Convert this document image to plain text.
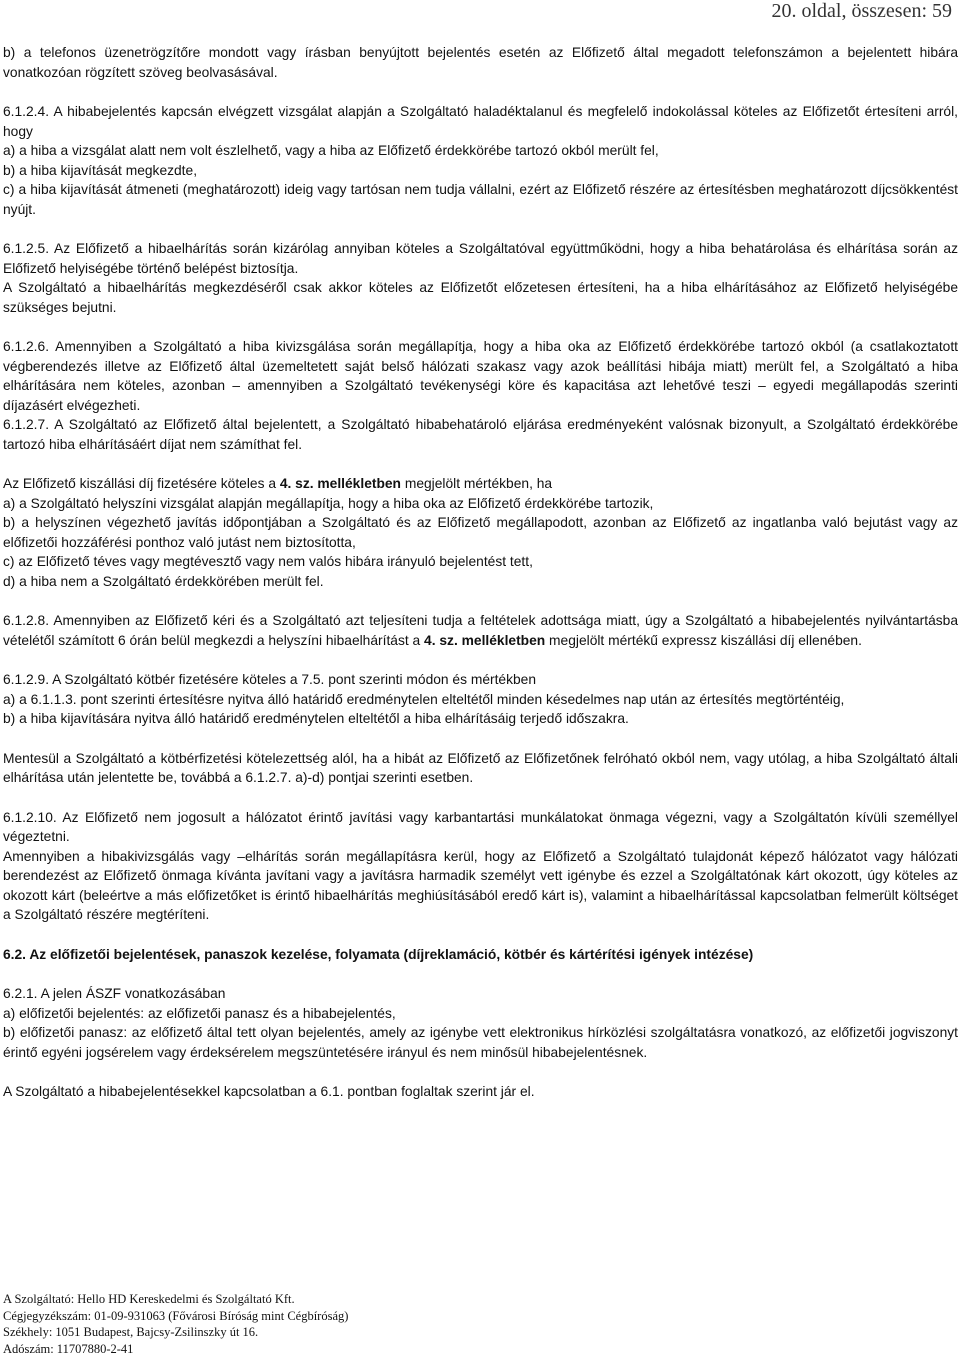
20. oldal, összesen: 59
b) a telefonos üzenetrögzítőre mondott vagy írásban benyújtott bejelentés esetén az Előfizető által megadott telefonszámon a bejelentett hibára vonatkozóan rögzített szöveg beolvasásával.
6.1.2.4. A hibabejelentés kapcsán elvégzett vizsgálat alapján a Szolgáltató haladéktalanul és megfelelő indokolással köteles az Előfizetőt értesíteni arról, hogy
a) a hiba a vizsgálat alatt nem volt észlelhető, vagy a hiba az Előfizető érdekkörébe tartozó okból merült fel,
b) a hiba kijavítását megkezdte,
c) a hiba kijavítását átmeneti (meghatározott) ideig vagy tartósan nem tudja vállalni, ezért az Előfizető részére az értesítésben meghatározott díjcsökkentést nyújt.
6.1.2.5. Az Előfizető a hibaelhárítás során kizárólag annyiban köteles a Szolgáltatóval együttműködni, hogy a hiba behatárolása és elhárítása során az Előfizető helyiségébe történő belépést biztosítja.
A Szolgáltató a hibaelhárítás megkezdéséről csak akkor köteles az Előfizetőt előzetesen értesíteni, ha a hiba elhárításához az Előfizető helyiségébe szükséges bejutni.
6.1.2.6. Amennyiben a Szolgáltató a hiba kivizsgálása során megállapítja, hogy a hiba oka az Előfizető érdekkörébe tartozó okból (a csatlakoztatott végberendezés illetve az Előfizető által üzemeltetett saját belső hálózati szakasz vagy azok beállítási hibája miatt) merült fel, a Szolgáltató a hiba elhárítására nem köteles, azonban – amennyiben a Szolgáltató tevékenységi köre és kapacitása azt lehetővé teszi – egyedi megállapodás szerinti díjazásért elvégezheti.
6.1.2.7. A Szolgáltató az Előfizető által bejelentett, a Szolgáltató hibabehatároló eljárása eredményeként valósnak bizonyult, a Szolgáltató érdekkörébe tartozó hiba elhárításáért díjat nem számíthat fel.
Az Előfizető kiszállási díj fizetésére köteles a 4. sz. mellékletben megjelölt mértékben, ha
a) a Szolgáltató helyszíni vizsgálat alapján megállapítja, hogy a hiba oka az Előfizető érdekkörébe tartozik,
b) a helyszínen végezhető javítás időpontjában a Szolgáltató és az Előfizető megállapodott, azonban az Előfizető az ingatlanba való bejutást vagy az előfizetői hozzáférési ponthoz való jutást nem biztosította,
c) az Előfizető téves vagy megtévesztő vagy nem valós hibára irányuló bejelentést tett,
d) a hiba nem a Szolgáltató érdekkörében merült fel.
6.1.2.8. Amennyiben az Előfizető kéri és a Szolgáltató azt teljesíteni tudja a feltételek adottsága miatt, úgy a Szolgáltató a hibabejelentés nyilvántartásba vételétől számított 6 órán belül megkezdi a helyszíni hibaelhárítást a 4. sz. mellékletben megjelölt mértékű expressz kiszállási díj ellenében.
6.1.2.9. A Szolgáltató kötbér fizetésére köteles a 7.5. pont szerinti módon és mértékben
a) a 6.1.1.3. pont szerinti értesítésre nyitva álló határidő eredménytelen elteltétől minden késedelmes nap után az értesítés megtörténtéig,
b) a hiba kijavítására nyitva álló határidő eredménytelen elteltétől a hiba elhárításáig terjedő időszakra.
Mentesül a Szolgáltató a kötbérfizetési kötelezettség alól, ha a hibát az Előfizető az Előfizetőnek felróható okból nem, vagy utólag, a hiba Szolgáltató általi elhárítása után jelentette be, továbbá a 6.1.2.7. a)-d) pontjai szerinti esetben.
6.1.2.10. Az Előfizető nem jogosult a hálózatot érintő javítási vagy karbantartási munkálatokat önmaga végezni, vagy a Szolgáltatón kívüli személlyel végeztetni.
Amennyiben a hibakivizsgálás vagy –elhárítás során megállapításra kerül, hogy az Előfizető a Szolgáltató tulajdonát képező hálózatot vagy hálózati berendezést az Előfizető önmaga kívánta javítani vagy a javításra harmadik személyt vett igénybe és ezzel a Szolgáltatónak kárt okozott, úgy köteles az okozott kárt (beleértve a más előfizetőket is érintő hibaelhárítás meghiúsításából eredő kárt is), valamint a hibaelhárítással kapcsolatban felmerült költséget a Szolgáltató részére megtéríteni.
6.2. Az előfizetői bejelentések, panaszok kezelése, folyamata (díjreklamáció, kötbér és kártérítési igények intézése)
6.2.1. A jelen ÁSZF vonatkozásában
a) előfizetői bejelentés: az előfizetői panasz és a hibabejelentés,
b) előfizetői panasz: az előfizető által tett olyan bejelentés, amely az igénybe vett elektronikus hírközlési szolgáltatásra vonatkozó, az előfizetői jogviszonyt érintő egyéni jogsérelem vagy érdeksérelem megszüntetésére irányul és nem minősül hibabejelentésnek.
A Szolgáltató a hibabejelentésekkel kapcsolatban a 6.1. pontban foglaltak szerint jár el.
A Szolgáltató: Hello HD Kereskedelmi és Szolgáltató Kft.
Cégjegyzékszám: 01-09-931063 (Fővárosi Bíróság mint Cégbíróság)
Székhely: 1051 Budapest, Bajcsy-Zsilinszky út 16.
Adószám: 11707880-2-41
